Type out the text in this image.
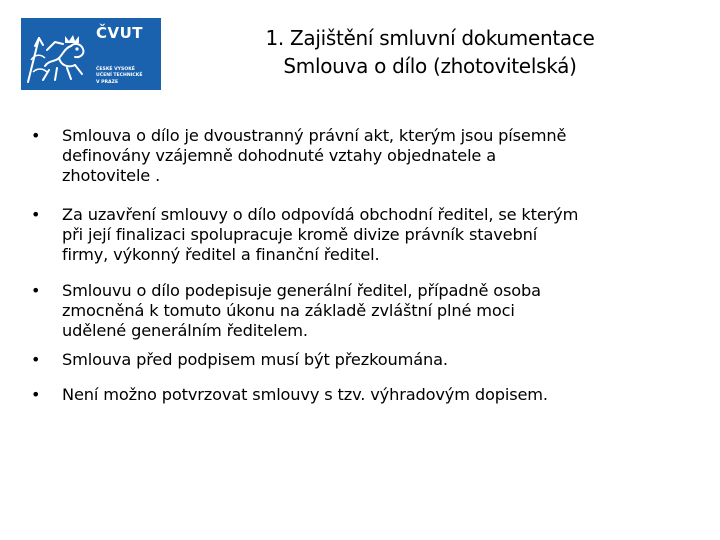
ČVUT
ČESKÉ VYSOKÉ
UČENÍ TECHNICKÉ
V PRAZE
1. Zajištění smluvní dokumentace
Smlouva o dílo (zhotovitelská)
• Smlouva o dílo je dvoustranný právní akt, kterým jsou písemně
definovány vzájemně dohodnuté vztahy objednatele a
zhotovitele .
• Za uzavření smlouvy o dílo odpovídá obchodní ředitel, se kterým
při její finalizaci spolupracuje kromě divize právník stavební
firmy, výkonný ředitel a finanční ředitel.
• Smlouvu o dílo podepisuje generální ředitel, případně osoba
zmocněná k tomuto úkonu na základě zvláštní plné moci
udělené generálním ředitelem.
• Smlouva před podpisem musí být přezkoumána.
• Není možno potvrzovat smlouvy s tzv. výhradovým dopisem.
